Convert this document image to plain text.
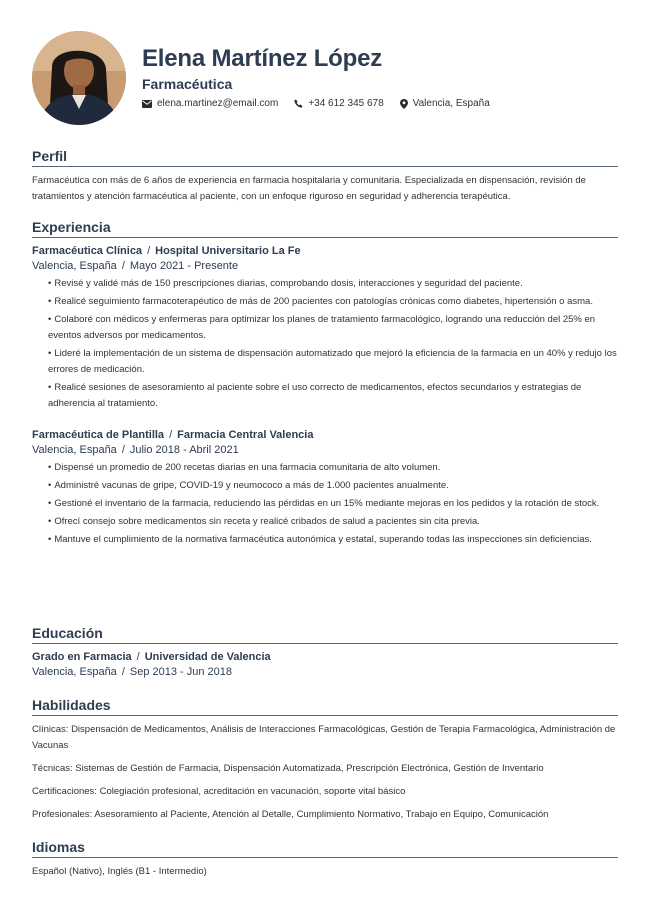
Elena Martínez López
Farmacéutica
elena.martinez@email.com	+34 612 345 678	Valencia, España
Perfil

Farmacéutica con más de 6 años de experiencia en farmacia hospitalaria y comunitaria. Especializada en dispensación, revisión de tratamientos y atención farmacéutica al paciente, con un enfoque riguroso en seguridad y adherencia terapéutica.

Experiencia
Farmacéutica Clínica / Hospital Universitario La Fe
Valencia, España / Mayo 2021 - Presente
• Revisé y validé más de 150 prescripciones diarias, comprobando dosis, interacciones y seguridad del paciente.
• Realicé seguimiento farmacoterapéutico de más de 200 pacientes con patologías crónicas como diabetes, hipertensión o asma.
• Colaboré con médicos y enfermeras para optimizar los planes de tratamiento farmacológico, logrando una reducción del 25% en eventos adversos por medicamentos.
• Lideré la implementación de un sistema de dispensación automatizado que mejoró la eficiencia de la farmacia en un 40% y redujo los errores de medicación.
• Realicé sesiones de asesoramiento al paciente sobre el uso correcto de medicamentos, efectos secundarios y estrategias de adherencia al tratamiento.
Farmacéutica de Plantilla / Farmacia Central Valencia
Valencia, España / Julio 2018 - Abril 2021
• Dispensé un promedio de 200 recetas diarias en una farmacia comunitaria de alto volumen.
• Administré vacunas de gripe, COVID-19 y neumococo a más de 1.000 pacientes anualmente.
• Gestioné el inventario de la farmacia, reduciendo las pérdidas en un 15% mediante mejoras en los pedidos y la rotación de stock.
• Ofrecí consejo sobre medicamentos sin receta y realicé cribados de salud a pacientes sin cita previa.
• Mantuve el cumplimiento de la normativa farmacéutica autonómica y estatal, superando todas las inspecciones sin deficiencias.
Educación
Grado en Farmacia / Universidad de Valencia
Valencia, España / Sep 2013 - Jun 2018
Habilidades

Clínicas: Dispensación de Medicamentos, Análisis de Interacciones Farmacológicas, Gestión de Terapia Farmacológica, Administración de Vacunas

Técnicas: Sistemas de Gestión de Farmacia, Dispensación Automatizada, Prescripción Electrónica, Gestión de Inventario

Certificaciones: Colegiación profesional, acreditación en vacunación, soporte vital básico

Profesionales: Asesoramiento al Paciente, Atención al Detalle, Cumplimiento Normativo, Trabajo en Equipo, Comunicación

Idiomas

Español (Nativo), Inglés (B1 - Intermedio)
